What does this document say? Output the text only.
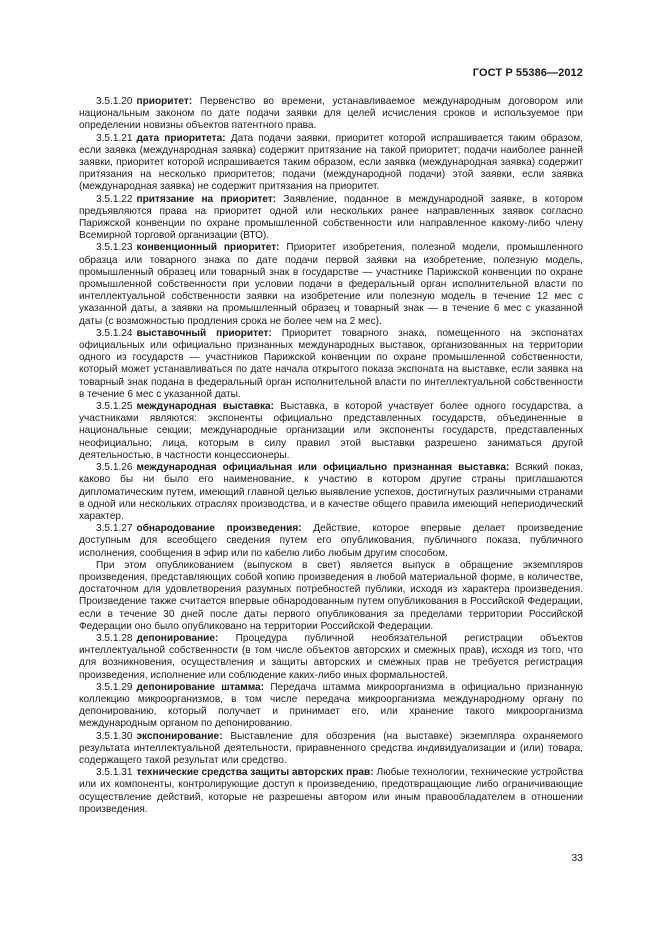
ГОСТ Р 55386—2012

3.5.1.20 приоритет: Первенство во времени, устанавливаемое международным договором или национальным законом по дате подачи заявки для целей исчисления сроков и используемое при определении новизны объектов патентного права.

3.5.1.21 дата приоритета: Дата подачи заявки, приоритет которой испрашивается таким образом, если заявка (международная заявка) содержит притязание на такой приоритет; подачи наиболее ранней заявки, приоритет которой испрашивается таким образом, если заявка (международная заявка) содержит притязания на несколько приоритетов; подачи (международной подачи) этой заявки, если заявка (международная заявка) не содержит притязания на приоритет.

3.5.1.22 притязание на приоритет: Заявление, поданное в международной заявке, в котором предъявляются права на приоритет одной или нескольких ранее направленных заявок согласно Парижской конвенции по охране промышленной собственности или направленное какому-либо члену Всемирной торговой организации (ВТО).

3.5.1.23 конвенционный приоритет: Приоритет изобретения, полезной модели, промышленного образца или товарного знака по дате подачи первой заявки на изобретение, полезную модель, промышленный образец или товарный знак в государстве — участнике Парижской конвенции по охране промышленной собственности при условии подачи в федеральный орган исполнительной власти по интеллектуальной собственности заявки на изобретение или полезную модель в течение 12 мес с указанной даты, а заявки на промышленный образец и товарный знак — в течение 6 мес с указанной даты (с возможностью продления срока не более чем на 2 мес).

3.5.1.24 выставочный приоритет: Приоритет товарного знака, помещенного на экспонатах официальных или официально признанных международных выставок, организованных на территории одного из государств — участников Парижской конвенции по охране промышленной собственности, который может устанавливаться по дате начала открытого показа экспоната на выставке, если заявка на товарный знак подана в федеральный орган исполнительной власти по интеллектуальной собственности в течение 6 мес с указанной даты.

3.5.1.25 международная выставка: Выставка, в которой участвует более одного государства, а участниками являются: экспоненты официально представленных государств, объединенные в национальные секции; международные организации или экспоненты государств, представленных неофициально; лица, которым в силу правил этой выставки разрешено заниматься другой деятельностью, в частности концессионеры.

3.5.1.26 международная официальная или официально признанная выставка: Всякий показ, каково бы ни было его наименование, к участию в котором другие страны приглашаются дипломатическим путем, имеющий главной целью выявление успехов, достигнутых различными странами в одной или нескольких отраслях производства, и в качестве общего правила имеющий непериодический характер.

3.5.1.27 обнародование произведения: Действие, которое впервые делает произведение доступным для всеобщего сведения путем его опубликования, публичного показа, публичного исполнения, сообщения в эфир или по кабелю либо любым другим способом.

При этом опубликованием (выпуском в свет) является выпуск в обращение экземпляров произведения, представляющих собой копию произведения в любой материальной форме, в количестве, достаточном для удовлетворения разумных потребностей публики, исходя из характера произведения. Произведение также считается впервые обнародованным путем опубликования в Российской Федерации, если в течение 30 дней после даты первого опубликования за пределами территории Российской Федерации оно было опубликовано на территории Российской Федерации.

3.5.1.28 депонирование: Процедура публичной необязательной регистрации объектов интеллектуальной собственности (в том числе объектов авторских и смежных прав), исходя из того, что для возникновения, осуществления и защиты авторских и смежных прав не требуется регистрация произведения, исполнение или соблюдение каких-либо иных формальностей.

3.5.1.29 депонирование штамма: Передача штамма микроорганизма в официально признанную коллекцию микроорганизмов, в том числе передача микроорганизма международному органу по депонированию, который получает и принимает его, или хранение такого микроорганизма международным органом по депонированию.

3.5.1.30 экспонирование: Выставление для обозрения (на выставке) экземпляра охраняемого результата интеллектуальной деятельности, приравненного средства индивидуализации и (или) товара, содержащего такой результат или средство.

3.5.1.31 технические средства защиты авторских прав: Любые технологии, технические устройства или их компоненты, контролирующие доступ к произведению, предотвращающие либо ограничивающие осуществление действий, которые не разрешены автором или иным правообладателем в отношении произведения.

33
